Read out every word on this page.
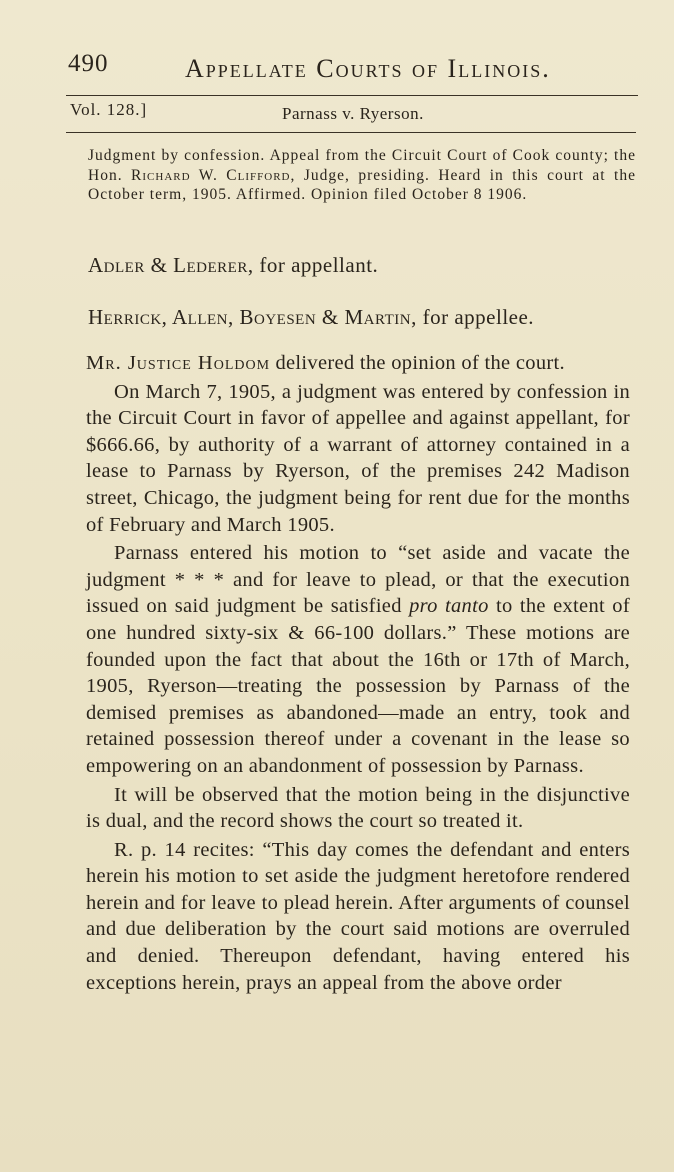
490	Appellate Courts of Illinois.
Vol. 128.]	Parnass v. Ryerson.
Judgment by confession. Appeal from the Circuit Court of Cook county; the Hon. Richard W. Clifford, Judge, presiding. Heard in this court at the October term, 1905. Affirmed. Opinion filed October 8 1906.
Adler & Lederer, for appellant.
Herrick, Allen, Boyesen & Martin, for appellee.

Mr. Justice Holdom delivered the opinion of the court.

On March 7, 1905, a judgment was entered by confession in the Circuit Court in favor of appellee and against appellant, for $666.66, by authority of a warrant of attorney contained in a lease to Parnass by Ryerson, of the premises 242 Madison street, Chicago, the judgment being for rent due for the months of February and March 1905.

Parnass entered his motion to “set aside and vacate the judgment * * * and for leave to plead, or that the execution issued on said judgment be satisfied pro tanto to the extent of one hundred sixty-six & 66-100 dollars.” These motions are founded upon the fact that about the 16th or 17th of March, 1905, Ryerson—treating the possession by Parnass of the demised premises as abandoned—made an entry, took and retained possession thereof under a covenant in the lease so empowering on an abandonment of possession by Parnass.

It will be observed that the motion being in the disjunctive is dual, and the record shows the court so treated it.

R. p. 14 recites: “This day comes the defendant and enters herein his motion to set aside the judgment heretofore rendered herein and for leave to plead herein. After arguments of counsel and due deliberation by the court said motions are overruled and denied. Thereupon defendant, having entered his exceptions herein, prays an appeal from the above order
